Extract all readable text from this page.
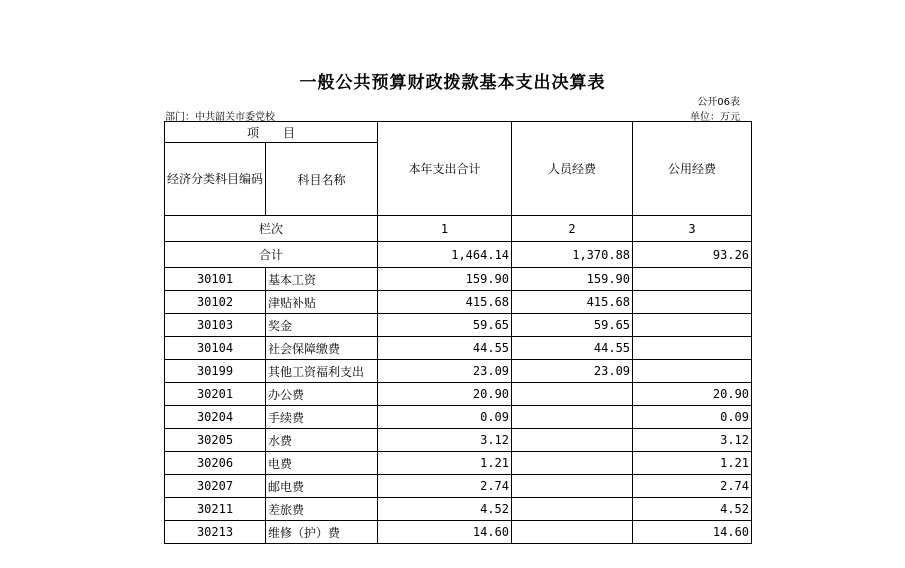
一般公共预算财政拨款基本支出决算表
公开06表
部门：中共韶关市委党校	单位：万元
项　　目		本年支出合计	人员经费	公用经费
经济分类科目编码	科目名称			
栏次		1	2	3
合计		1,464.14	1,370.88	93.26
30101	基本工资	159.90	159.90	
30102	津贴补贴	415.68	415.68	
30103	奖金	59.65	59.65	
30104	社会保障缴费	44.55	44.55	
30199	其他工资福利支出	23.09	23.09	
30201	办公费	20.90		20.90
30204	手续费	0.09		0.09
30205	水费	3.12		3.12
30206	电费	1.21		1.21
30207	邮电费	2.74		2.74
30211	差旅费	4.52		4.52
30213	维修（护）费	14.60		14.60
